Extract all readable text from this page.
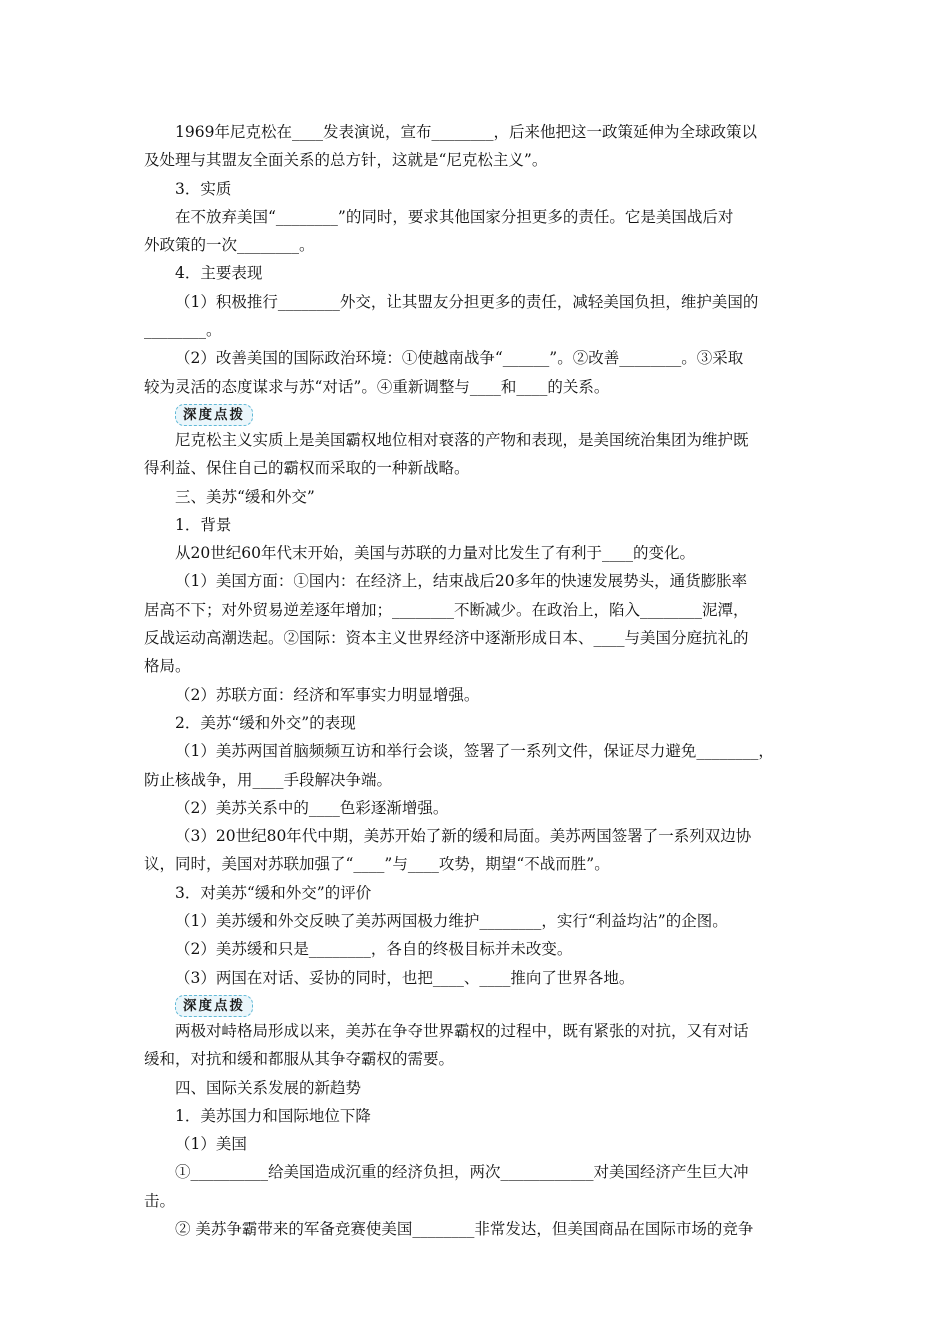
1969年尼克松在____发表演说，宣布________，后来他把这一政策延伸为全球政策以

及处理与其盟友全面关系的总方针，这就是“尼克松主义”。

3．实质

在不放弃美国“________”的同时，要求其他国家分担更多的责任。它是美国战后对

外政策的一次________。

4．主要表现

（1）积极推行________外交，让其盟友分担更多的责任，减轻美国负担，维护美国的

________。

（2）改善美国的国际政治环境：①使越南战争“______”。②改善________。③采取

较为灵活的态度谋求与苏“对话”。④重新调整与____和____的关系。

深度点拨

尼克松主义实质上是美国霸权地位相对衰落的产物和表现，是美国统治集团为维护既

得利益、保住自己的霸权而采取的一种新战略。

三、美苏“缓和外交”

1．背景

从20世纪60年代末开始，美国与苏联的力量对比发生了有利于____的变化。

（1）美国方面：①国内：在经济上，结束战后20多年的快速发展势头，通货膨胀率

居高不下；对外贸易逆差逐年增加；________不断减少。在政治上，陷入________泥潭，

反战运动高潮迭起。②国际：资本主义世界经济中逐渐形成日本、____与美国分庭抗礼的

格局。

（2）苏联方面：经济和军事实力明显增强。

2．美苏“缓和外交”的表现

（1）美苏两国首脑频频互访和举行会谈，签署了一系列文件，保证尽力避免________，

防止核战争，用____手段解决争端。

（2）美苏关系中的____色彩逐渐增强。

（3）20世纪80年代中期，美苏开始了新的缓和局面。美苏两国签署了一系列双边协

议，同时，美国对苏联加强了“____”与____攻势，期望“不战而胜”。

3．对美苏“缓和外交”的评价

（1）美苏缓和外交反映了美苏两国极力维护________，实行“利益均沾”的企图。

（2）美苏缓和只是________，各自的终极目标并未改变。

（3）两国在对话、妥协的同时，也把____、____推向了世界各地。

深度点拨

两极对峙格局形成以来，美苏在争夺世界霸权的过程中，既有紧张的对抗，又有对话

缓和，对抗和缓和都服从其争夺霸权的需要。

四、国际关系发展的新趋势

1．美苏国力和国际地位下降

（1）美国

①__________给美国造成沉重的经济负担，两次____________对美国经济产生巨大冲

击。

② 美苏争霸带来的军备竞赛使美国________非常发达，但美国商品在国际市场的竞争
